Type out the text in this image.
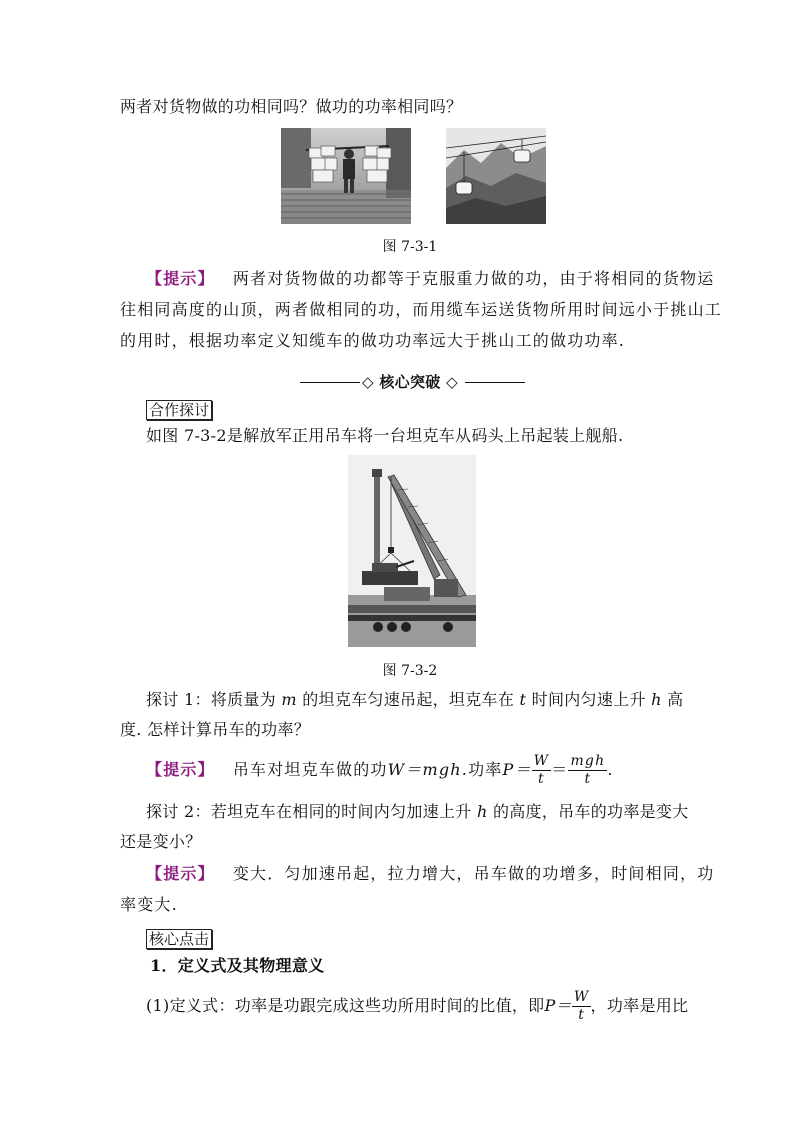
两者对货物做的功相同吗？做功的功率相同吗？
图 7-3-1
【提示】 两者对货物做的功都等于克服重力做的功，由于将相同的货物运
往相同高度的山顶，两者做相同的功，而用缆车运送货物所用时间远小于挑山工
的用时，根据功率定义知缆车的做功功率远大于挑山工的做功功率.
◇ 核心突破 ◇
合作探讨
如图 7-3-2是解放军正用吊车将一台坦克车从码头上吊起装上舰船.
图 7-3-2
探讨 1：将质量为 m 的坦克车匀速吊起，坦克车在 t 时间内匀速上升 h 高
度. 怎样计算吊车的功率？
【提示】 吊车对坦克车做的功 W＝mgh. 功率 $P= \frac{W}{t} = \frac{\text{mgh}}{t}$ .
探讨 2：若坦克车在相同的时间内匀加速上升 h 的高度，吊车的功率是变大
还是变小？
【提示】 变大．匀加速吊起，拉力增大，吊车做的功增多，时间相同，功
率变大.
核心点击
1．定义式及其物理意义
(1)定义式：功率是功跟完成这些功所用时间的比值，即 $P= \frac{W}{t}$ ，功率是用比
